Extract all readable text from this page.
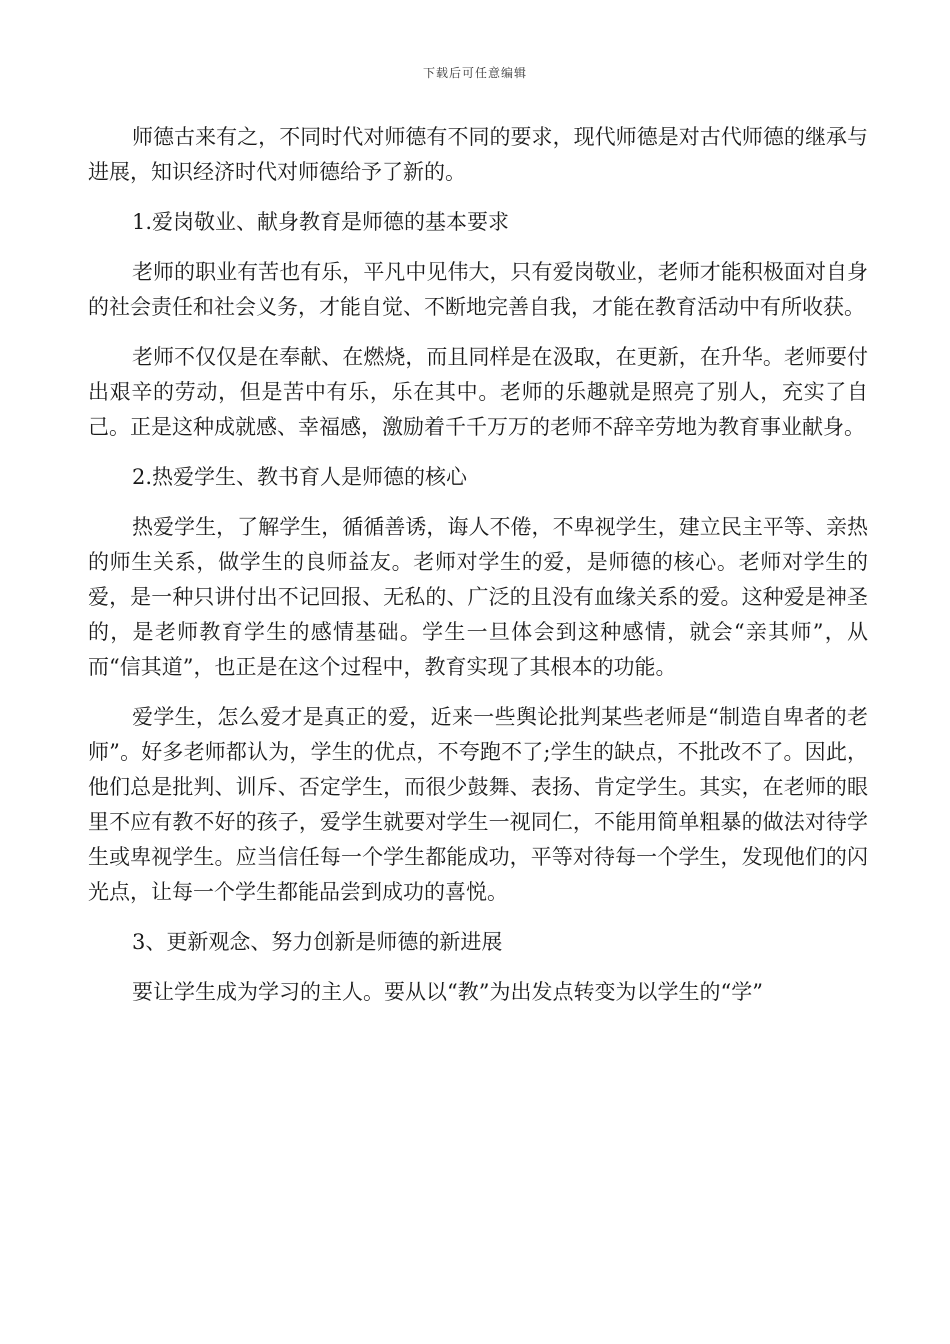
下载后可任意编辑

师德古来有之，不同时代对师德有不同的要求，现代师德是对古代师德的继承与进展，知识经济时代对师德给予了新的。

1.爱岗敬业、献身教育是师德的基本要求

老师的职业有苦也有乐，平凡中见伟大，只有爱岗敬业，老师才能积极面对自身的社会责任和社会义务，才能自觉、不断地完善自我，才能在教育活动中有所收获。

老师不仅仅是在奉献、在燃烧，而且同样是在汲取，在更新，在升华。老师要付出艰辛的劳动，但是苦中有乐，乐在其中。老师的乐趣就是照亮了别人，充实了自己。正是这种成就感、幸福感，激励着千千万万的老师不辞辛劳地为教育事业献身。

2.热爱学生、教书育人是师德的核心

热爱学生，了解学生，循循善诱，诲人不倦，不卑视学生，建立民主平等、亲热的师生关系，做学生的良师益友。老师对学生的爱，是师德的核心。老师对学生的爱，是一种只讲付出不记回报、无私的、广泛的且没有血缘关系的爱。这种爱是神圣的，是老师教育学生的感情基础。学生一旦体会到这种感情，就会“亲其师”，从而“信其道”，也正是在这个过程中，教育实现了其根本的功能。

爱学生，怎么爱才是真正的爱，近来一些舆论批判某些老师是“制造自卑者的老师”。好多老师都认为，学生的优点，不夸跑不了;学生的缺点，不批改不了。因此，他们总是批判、训斥、否定学生，而很少鼓舞、表扬、肯定学生。其实，在老师的眼里不应有教不好的孩子，爱学生就要对学生一视同仁，不能用简单粗暴的做法对待学生或卑视学生。应当信任每一个学生都能成功，平等对待每一个学生，发现他们的闪光点，让每一个学生都能品尝到成功的喜悦。

3、更新观念、努力创新是师德的新进展

要让学生成为学习的主人。要从以“教”为出发点转变为以学生的“学”
